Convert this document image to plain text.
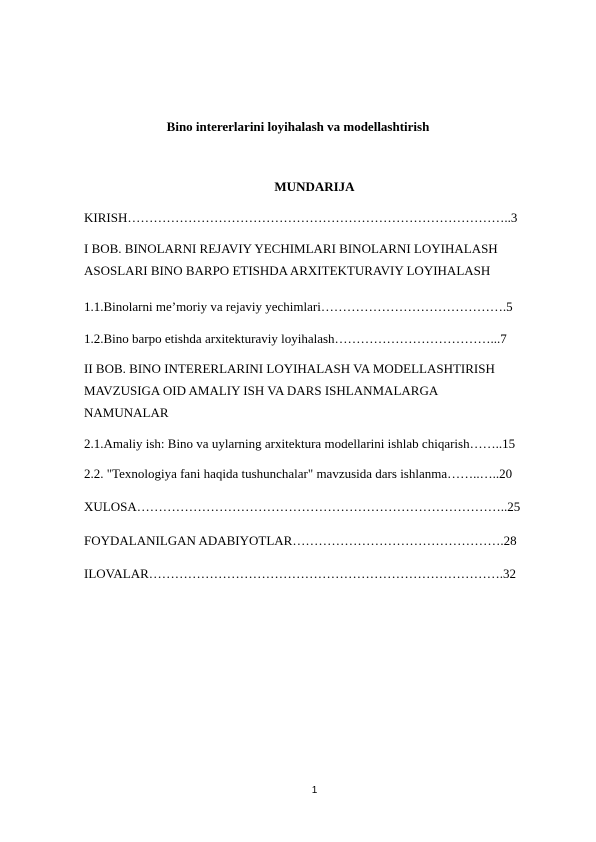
Bino intererlarini loyihalash va modellashtirish
MUNDARIJA
KIRISH……………………………………………………………………………..3
I BOB. BINOLARNI REJAVIY YECHIMLARI BINOLARNI LOYIHALASH
ASOSLARI BINO BARPO ETISHDA ARXITEKTURAVIY LOYIHALASH
1.1.Binolarni me’moriy va rejaviy yechimlari…………………………………….5
1.2.Bino barpo etishda arxitekturaviy loyihalash………………………………...7
II BOB. BINO INTERERLARINI LOYIHALASH VA MODELLASHTIRISH
MAVZUSIGA OID AMALIY ISH VA DARS ISHLANMALARGA
NAMUNALAR
2.1.Amaliy ish: Bino va uylarning arxitektura modellarini ishlab chiqarish……..15
2.2. "Texnologiya fani haqida tushunchalar" mavzusida dars ishlanma……..…..20
XULOSA…………………………………………………………………………..25
FOYDALANILGAN ADABIYOTLAR………………………………………….28
ILOVALAR……………………………………………………………………….32
1
